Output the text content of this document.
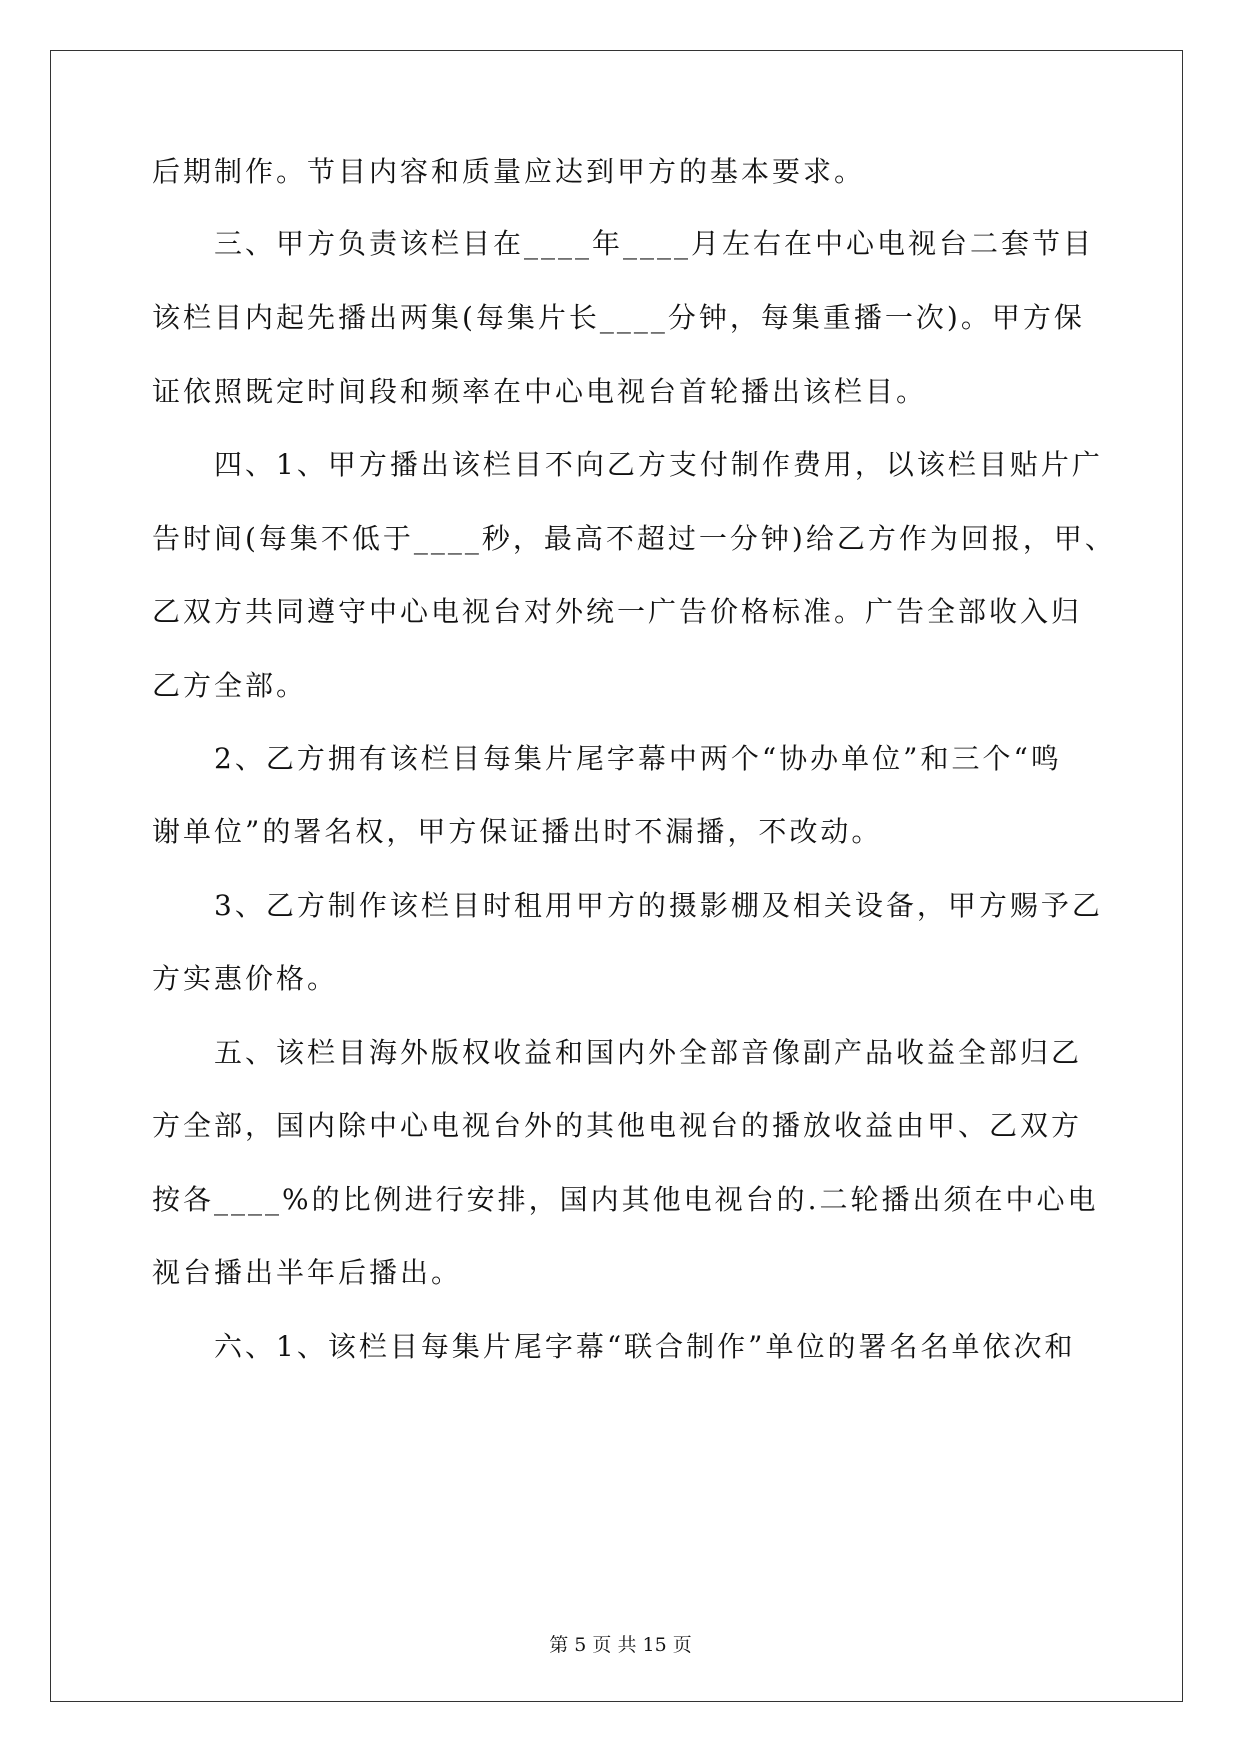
后期制作。节目内容和质量应达到甲方的基本要求。
三、甲方负责该栏目在____年____月左右在中心电视台二套节目
该栏目内起先播出两集(每集片长____分钟，每集重播一次)。甲方保
证依照既定时间段和频率在中心电视台首轮播出该栏目。
四、1、甲方播出该栏目不向乙方支付制作费用，以该栏目贴片广
告时间(每集不低于____秒，最高不超过一分钟)给乙方作为回报，甲、
乙双方共同遵守中心电视台对外统一广告价格标准。广告全部收入归
乙方全部。
2、乙方拥有该栏目每集片尾字幕中两个“协办单位”和三个“鸣
谢单位”的署名权，甲方保证播出时不漏播，不改动。
3、乙方制作该栏目时租用甲方的摄影棚及相关设备，甲方赐予乙
方实惠价格。
五、该栏目海外版权收益和国内外全部音像副产品收益全部归乙
方全部，国内除中心电视台外的其他电视台的播放收益由甲、乙双方
按各____%的比例进行安排，国内其他电视台的.二轮播出须在中心电
视台播出半年后播出。
六、1、该栏目每集片尾字幕“联合制作”单位的署名名单依次和
第 5 页 共 15 页
